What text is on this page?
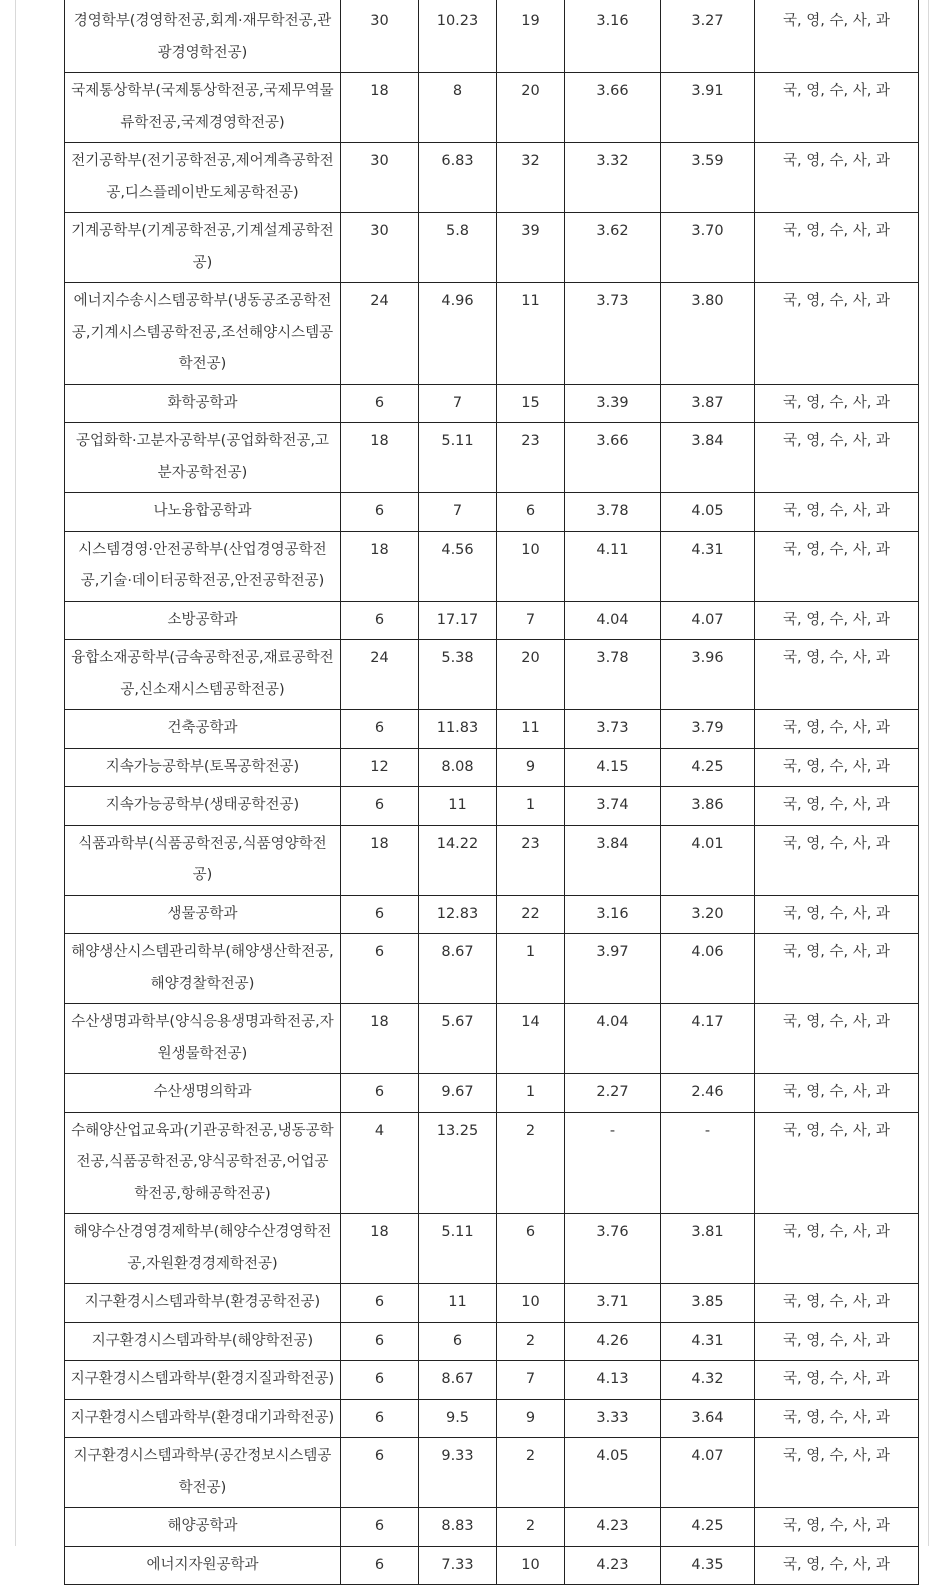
경영학부(경영학전공,회계·재무학전공,관광경영학전공)	30	10.23	19	3.16	3.27	국, 영, 수, 사, 과
국제통상학부(국제통상학전공,국제무역물류학전공,국제경영학전공)	18	8	20	3.66	3.91	국, 영, 수, 사, 과
전기공학부(전기공학전공,제어계측공학전공,디스플레이반도체공학전공)	30	6.83	32	3.32	3.59	국, 영, 수, 사, 과
기계공학부(기계공학전공,기계설계공학전공)	30	5.8	39	3.62	3.70	국, 영, 수, 사, 과
에너지수송시스템공학부(냉동공조공학전공,기계시스템공학전공,조선해양시스템공학전공)	24	4.96	11	3.73	3.80	국, 영, 수, 사, 과
화학공학과	6	7	15	3.39	3.87	국, 영, 수, 사, 과
공업화학·고분자공학부(공업화학전공,고분자공학전공)	18	5.11	23	3.66	3.84	국, 영, 수, 사, 과
나노융합공학과	6	7	6	3.78	4.05	국, 영, 수, 사, 과
시스템경영·안전공학부(산업경영공학전공,기술·데이터공학전공,안전공학전공)	18	4.56	10	4.11	4.31	국, 영, 수, 사, 과
소방공학과	6	17.17	7	4.04	4.07	국, 영, 수, 사, 과
융합소재공학부(금속공학전공,재료공학전공,신소재시스템공학전공)	24	5.38	20	3.78	3.96	국, 영, 수, 사, 과
건축공학과	6	11.83	11	3.73	3.79	국, 영, 수, 사, 과
지속가능공학부(토목공학전공)	12	8.08	9	4.15	4.25	국, 영, 수, 사, 과
지속가능공학부(생태공학전공)	6	11	1	3.74	3.86	국, 영, 수, 사, 과
식품과학부(식품공학전공,식품영양학전공)	18	14.22	23	3.84	4.01	국, 영, 수, 사, 과
생물공학과	6	12.83	22	3.16	3.20	국, 영, 수, 사, 과
해양생산시스템관리학부(해양생산학전공,해양경찰학전공)	6	8.67	1	3.97	4.06	국, 영, 수, 사, 과
수산생명과학부(양식응용생명과학전공,자원생물학전공)	18	5.67	14	4.04	4.17	국, 영, 수, 사, 과
수산생명의학과	6	9.67	1	2.27	2.46	국, 영, 수, 사, 과
수해양산업교육과(기관공학전공,냉동공학전공,식품공학전공,양식공학전공,어업공학전공,항해공학전공)	4	13.25	2	-	-	국, 영, 수, 사, 과
해양수산경영경제학부(해양수산경영학전공,자원환경경제학전공)	18	5.11	6	3.76	3.81	국, 영, 수, 사, 과
지구환경시스템과학부(환경공학전공)	6	11	10	3.71	3.85	국, 영, 수, 사, 과
지구환경시스템과학부(해양학전공)	6	6	2	4.26	4.31	국, 영, 수, 사, 과
지구환경시스템과학부(환경지질과학전공)	6	8.67	7	4.13	4.32	국, 영, 수, 사, 과
지구환경시스템과학부(환경대기과학전공)	6	9.5	9	3.33	3.64	국, 영, 수, 사, 과
지구환경시스템과학부(공간정보시스템공학전공)	6	9.33	2	4.05	4.07	국, 영, 수, 사, 과
해양공학과	6	8.83	2	4.23	4.25	국, 영, 수, 사, 과
에너지자원공학과	6	7.33	10	4.23	4.35	국, 영, 수, 사, 과
